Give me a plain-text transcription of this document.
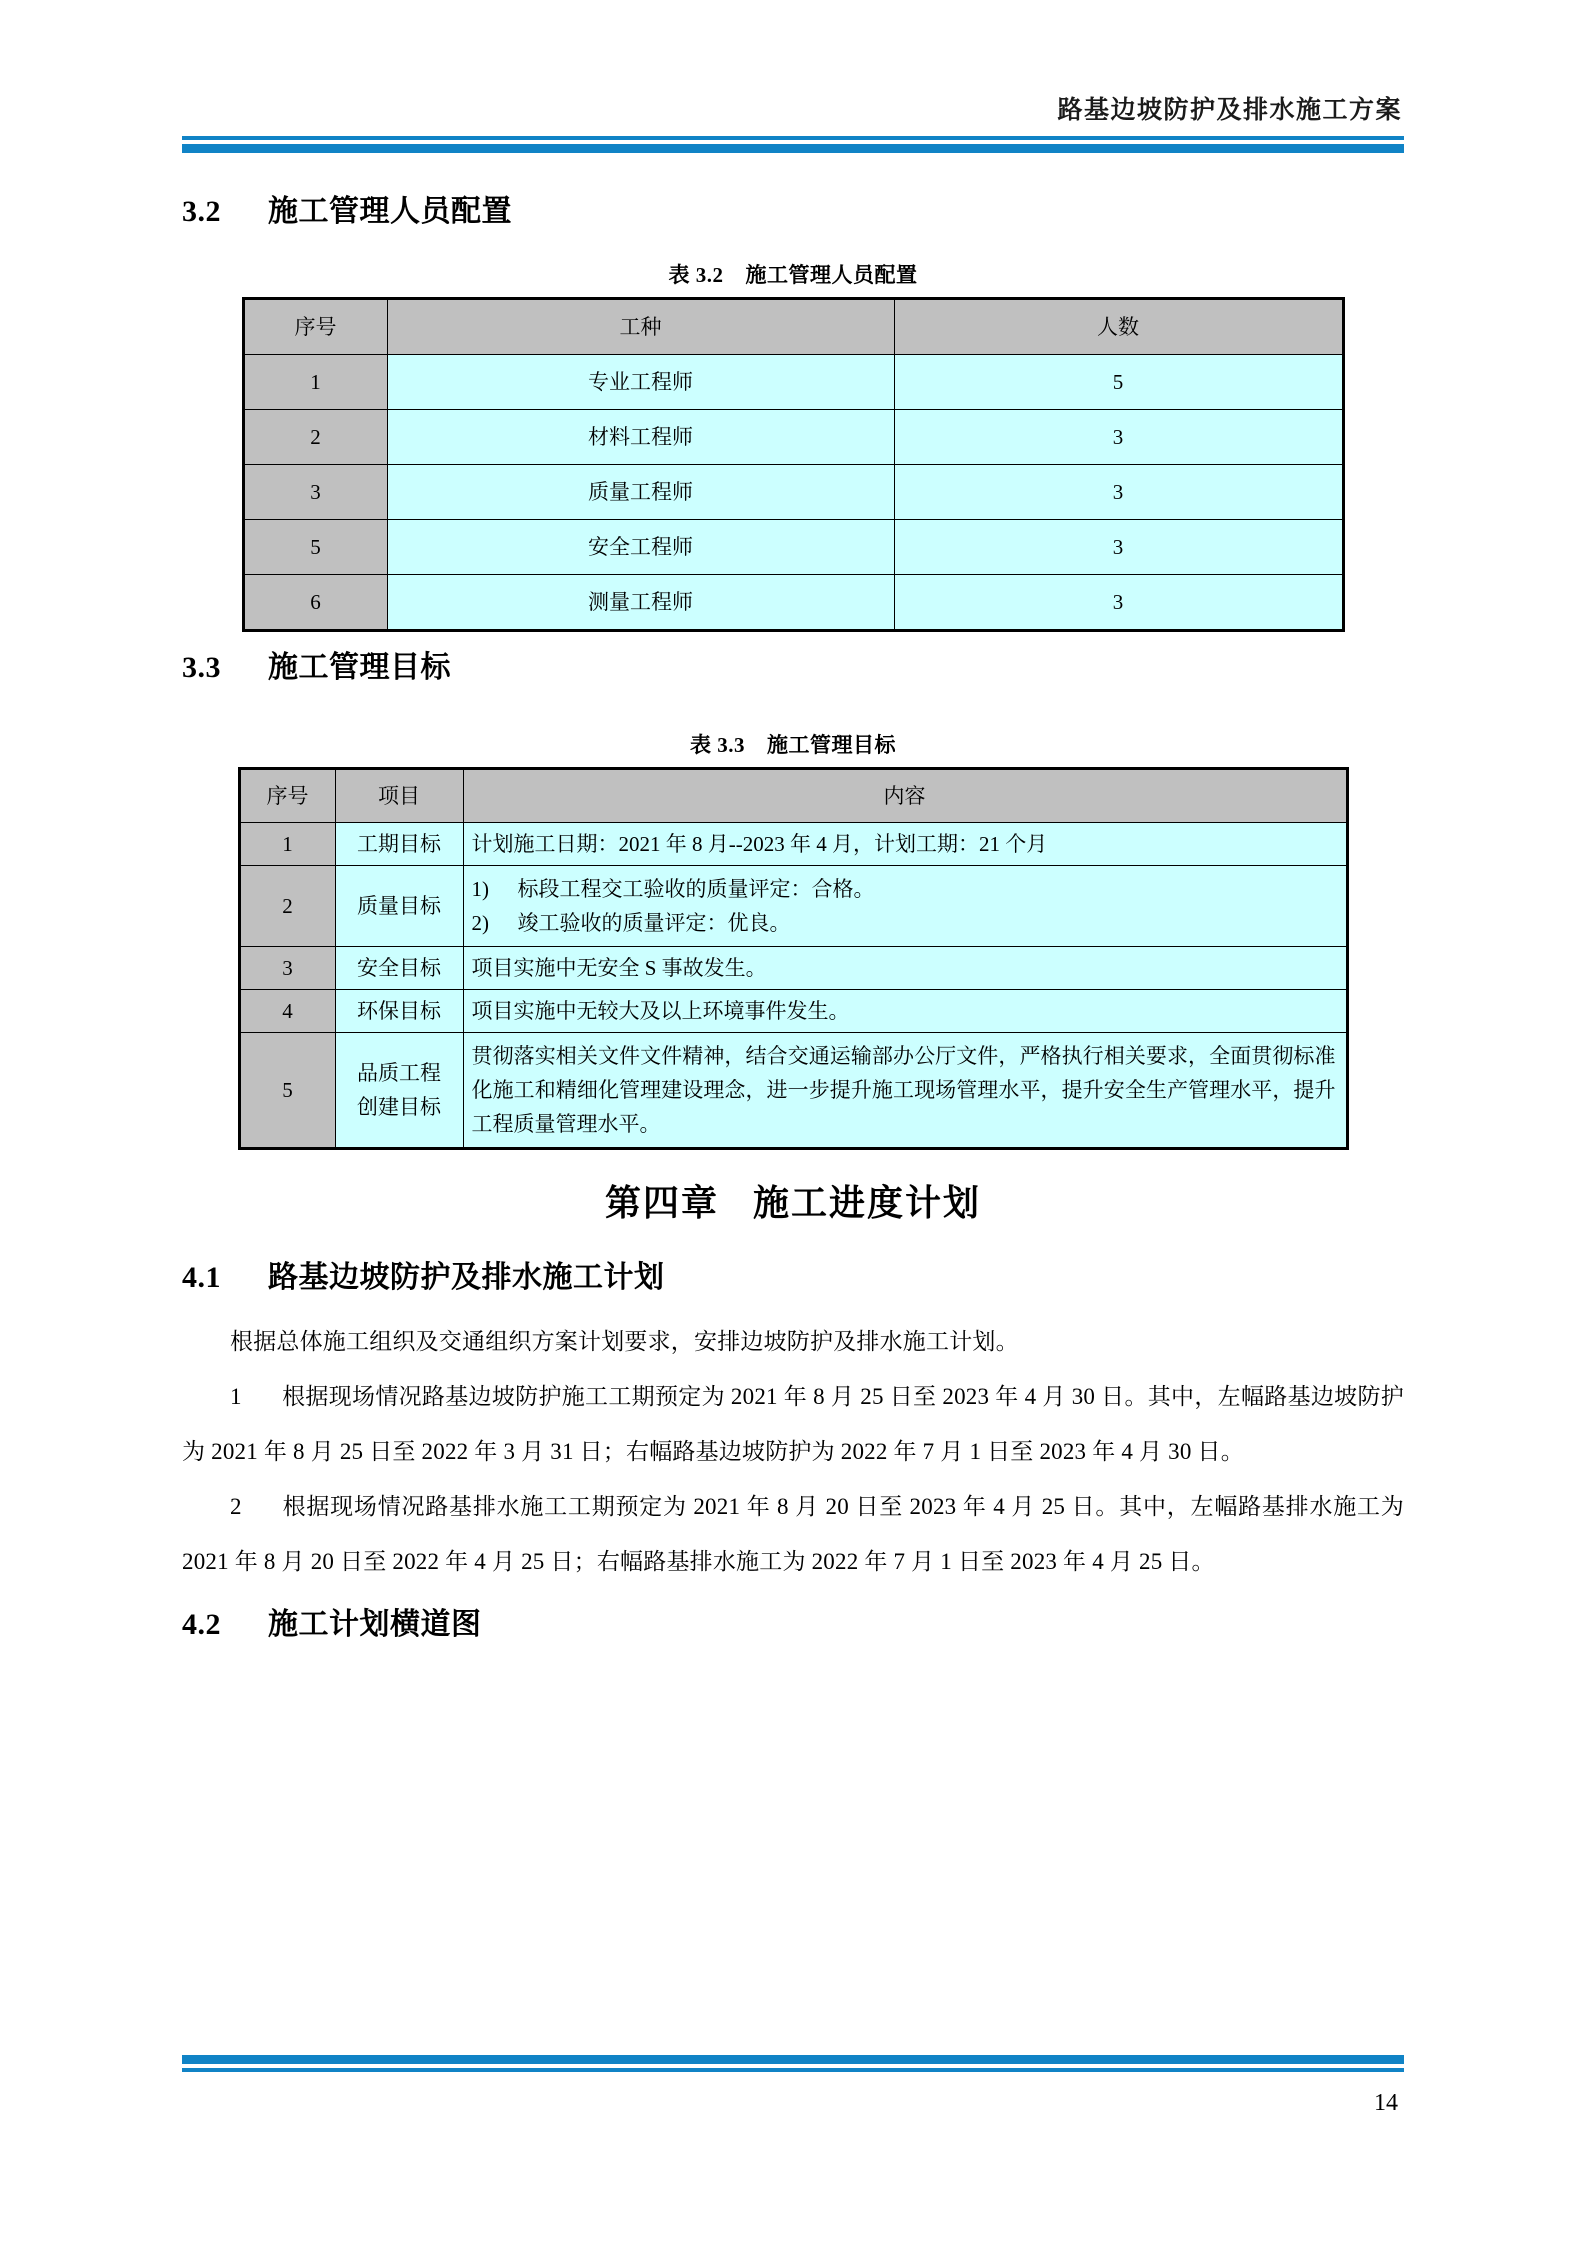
路基边坡防护及排水施工方案
3.2 施工管理人员配置
表 3.2 施工管理人员配置
序号	工种	人数
1	专业工程师	5
2	材料工程师	3
3	质量工程师	3
5	安全工程师	3
6	测量工程师	3
3.3 施工管理目标
表 3.3 施工管理目标
序号	项目	内容
1	工期目标	计划施工日期：2021 年 8 月--2023 年 4 月，计划工期：21 个月
2	质量目标	1) 标段工程交工验收的质量评定：合格。
2) 竣工验收的质量评定：优良。

3	安全目标	项目实施中无安全 S 事故发生。
4	环保目标	项目实施中无较大及以上环境事件发生。
5	品质工程
创建目标	贯彻落实相关文件文件精神，结合交通运输部办公厅文件，严格执行相关要求，全面贯彻标准化施工和精细化管理建设理念，进一步提升施工现场管理水平，提升安全生产管理水平，提升工程质量管理水平。
第四章 施工进度计划
4.1 路基边坡防护及排水施工计划

根据总体施工组织及交通组织方案计划要求，安排边坡防护及排水施工计划。

1 根据现场情况路基边坡防护施工工期预定为 2021 年 8 月 25 日至 2023 年 4 月 30 日。其中，左幅路基边坡防护为 2021 年 8 月 25 日至 2022 年 3 月 31 日；右幅路基边坡防护为 2022 年 7 月 1 日至 2023 年 4 月 30 日。

2 根据现场情况路基排水施工工期预定为 2021 年 8 月 20 日至 2023 年 4 月 25 日。其中，左幅路基排水施工为 2021 年 8 月 20 日至 2022 年 4 月 25 日；右幅路基排水施工为 2022 年 7 月 1 日至 2023 年 4 月 25 日。

4.2 施工计划横道图
14
